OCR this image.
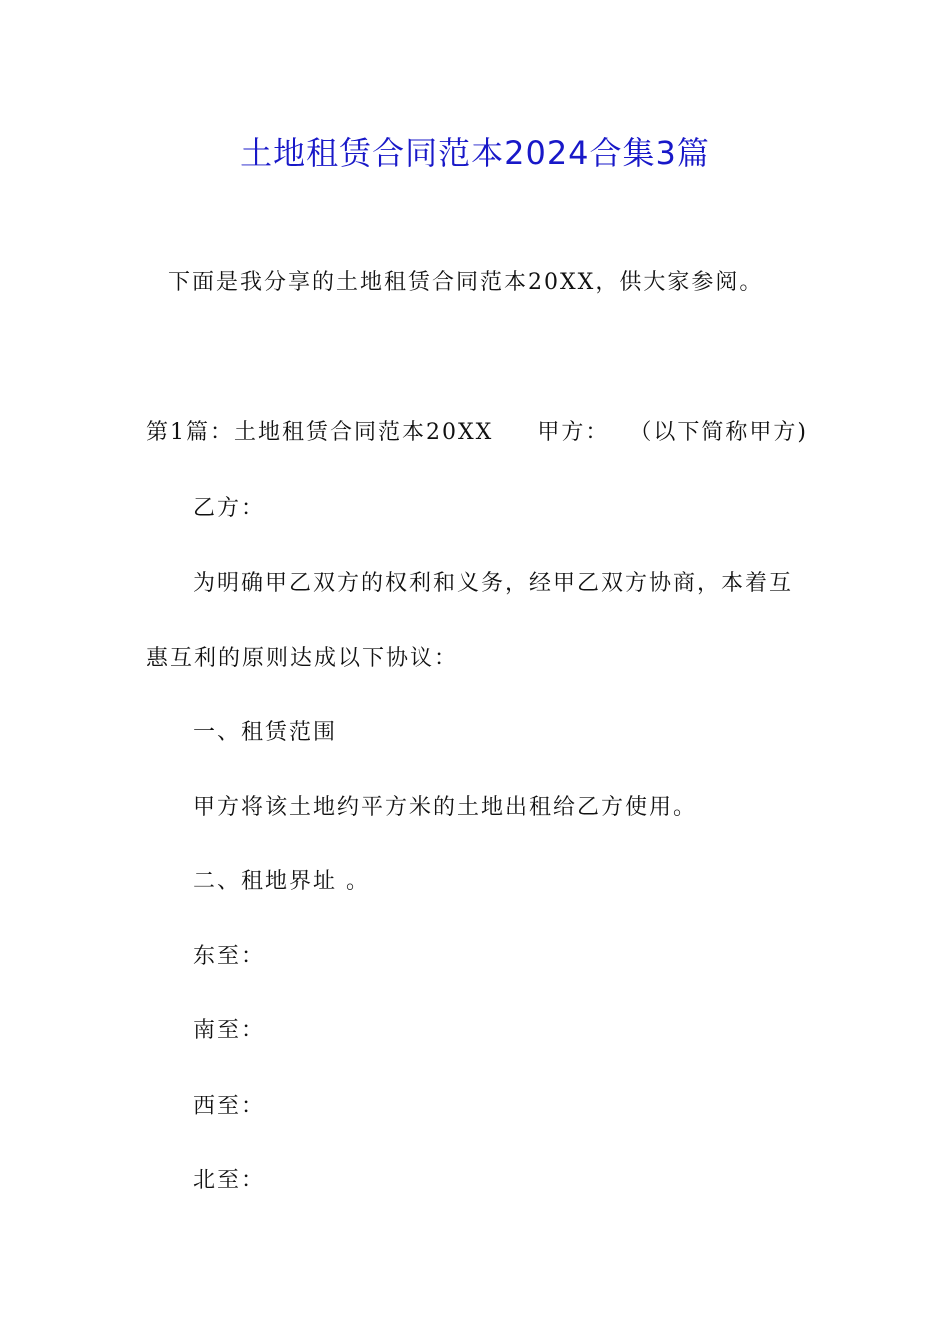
土地租赁合同范本2024合集3篇
下面是我分享的土地租赁合同范本20XX，供大家参阅。
第1篇：土地租赁合同范本20XX 甲方： （以下简称甲方)
乙方：
为明确甲乙双方的权利和义务，经甲乙双方协商，本着互
惠互利的原则达成以下协议：
一、租赁范围
甲方将该土地约平方米的土地出租给乙方使用。
二、租地界址 。
东至：
南至：
西至：
北至：
